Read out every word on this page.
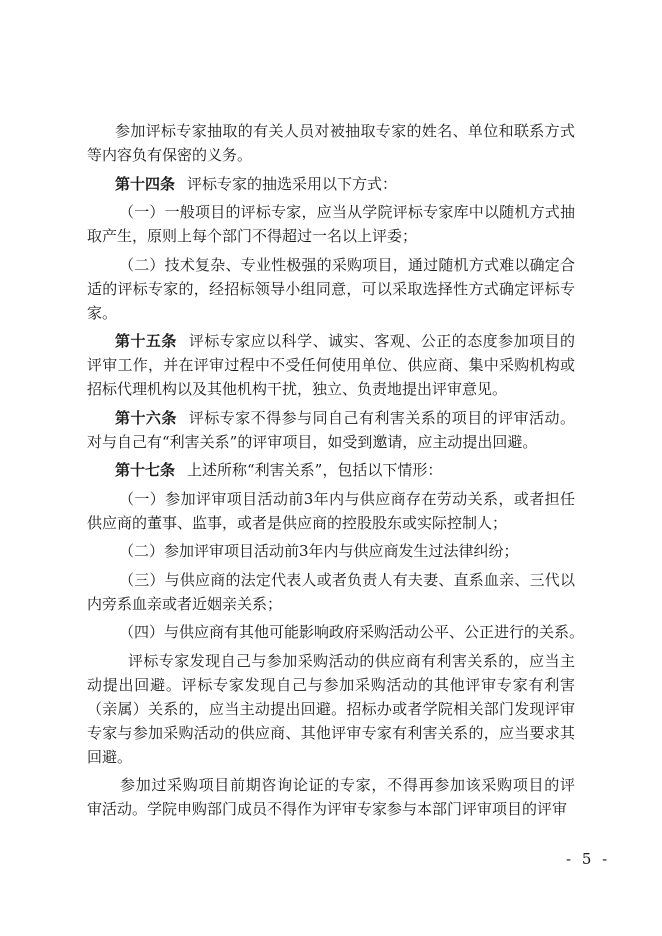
参加评标专家抽取的有关人员对被抽取专家的姓名、单位和联系方式
等内容负有保密的义务。
第十四条 评标专家的抽选采用以下方式：
（一）一般项目的评标专家，应当从学院评标专家库中以随机方式抽
取产生，原则上每个部门不得超过一名以上评委；
（二）技术复杂、专业性极强的采购项目，通过随机方式难以确定合
适的评标专家的，经招标领导小组同意，可以采取选择性方式确定评标专
家。
第十五条 评标专家应以科学、诚实、客观、公正的态度参加项目的
评审工作，并在评审过程中不受任何使用单位、供应商、集中采购机构或
招标代理机构以及其他机构干扰，独立、负责地提出评审意见。
第十六条 评标专家不得参与同自己有利害关系的项目的评审活动。
对与自己有“利害关系”的评审项目，如受到邀请，应主动提出回避。
第十七条 上述所称“利害关系”，包括以下情形：
（一）参加评审项目活动前3年内与供应商存在劳动关系，或者担任
供应商的董事、监事，或者是供应商的控股股东或实际控制人；
（二）参加评审项目活动前3年内与供应商发生过法律纠纷；
（三）与供应商的法定代表人或者负责人有夫妻、直系血亲、三代以
内旁系血亲或者近姻亲关系；
（四）与供应商有其他可能影响政府采购活动公平、公正进行的关系。
评标专家发现自己与参加采购活动的供应商有利害关系的，应当主
动提出回避。评标专家发现自己与参加采购活动的其他评审专家有利害
（亲属）关系的，应当主动提出回避。招标办或者学院相关部门发现评审
专家与参加采购活动的供应商、其他评审专家有利害关系的，应当要求其
回避。
参加过采购项目前期咨询论证的专家，不得再参加该采购项目的评
审活动。学院申购部门成员不得作为评审专家参与本部门评审项目的评审
- 5 -
